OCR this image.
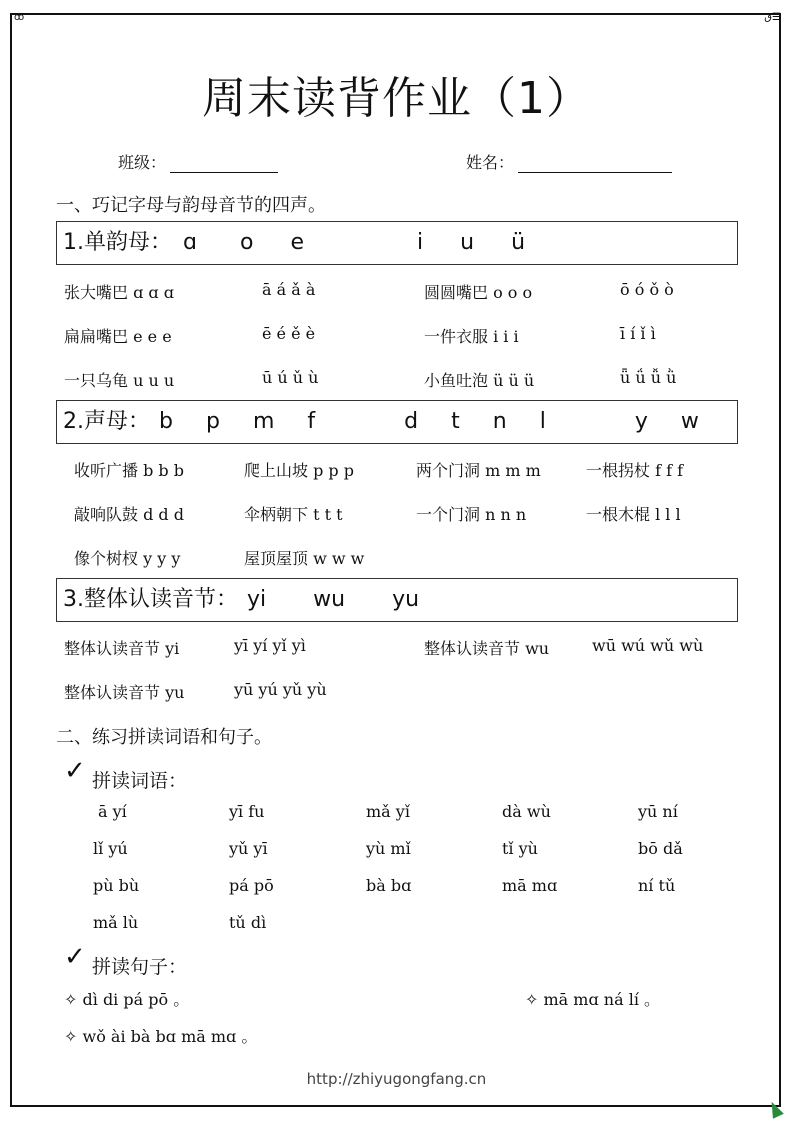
ꝏ	ٯ☰
周末读背作业（1）
班级：	姓名：
一、巧记字母与韵母音节的四声。
1.单韵母： ɑ o e	i u ü
张大嘴巴 ɑ ɑ ɑ	ā á ǎ à	圆圆嘴巴 o o o	ō ó ǒ ò
扁扁嘴巴 e e e	ē é ě è	一件衣服 i i i	ī í ǐ ì
一只乌龟 u u u	ū ú ǔ ù	小鱼吐泡 ü ü ü	ǖ ǘ ǚ ǜ
2.声母： b p m f	d t n l	y w
收听广播 b b b	爬上山坡 p p p	两个门洞 m m m	一根拐杖 f f f
敲响队鼓 d d d	伞柄朝下 t t t	一个门洞 n n n	一根木棍 l l l
像个树杈 y y y	屋顶屋顶 w w w
3.整体认读音节： yi wu yu
整体认读音节 yi	yī yí yǐ yì	整体认读音节 wu	wū wú wǔ wù
整体认读音节 yu	yū yú yǔ yù
二、练习拼读词语和句子。
✓ 拼读词语：
ā yí	yī fu	mǎ yǐ	dà wù	yū ní
lǐ yú	yǔ yī	yù mǐ	tǐ yù	bō dǎ
pù bù	pá pō	bà bɑ	mā mɑ	ní tǔ
mǎ lù	tǔ dì
✓ 拼读句子：
✧ dì di pá pō 。	✧ mā mɑ ná lí 。
✧ wǒ ài bà bɑ mā mɑ 。
http://zhiyugongfang.cn
